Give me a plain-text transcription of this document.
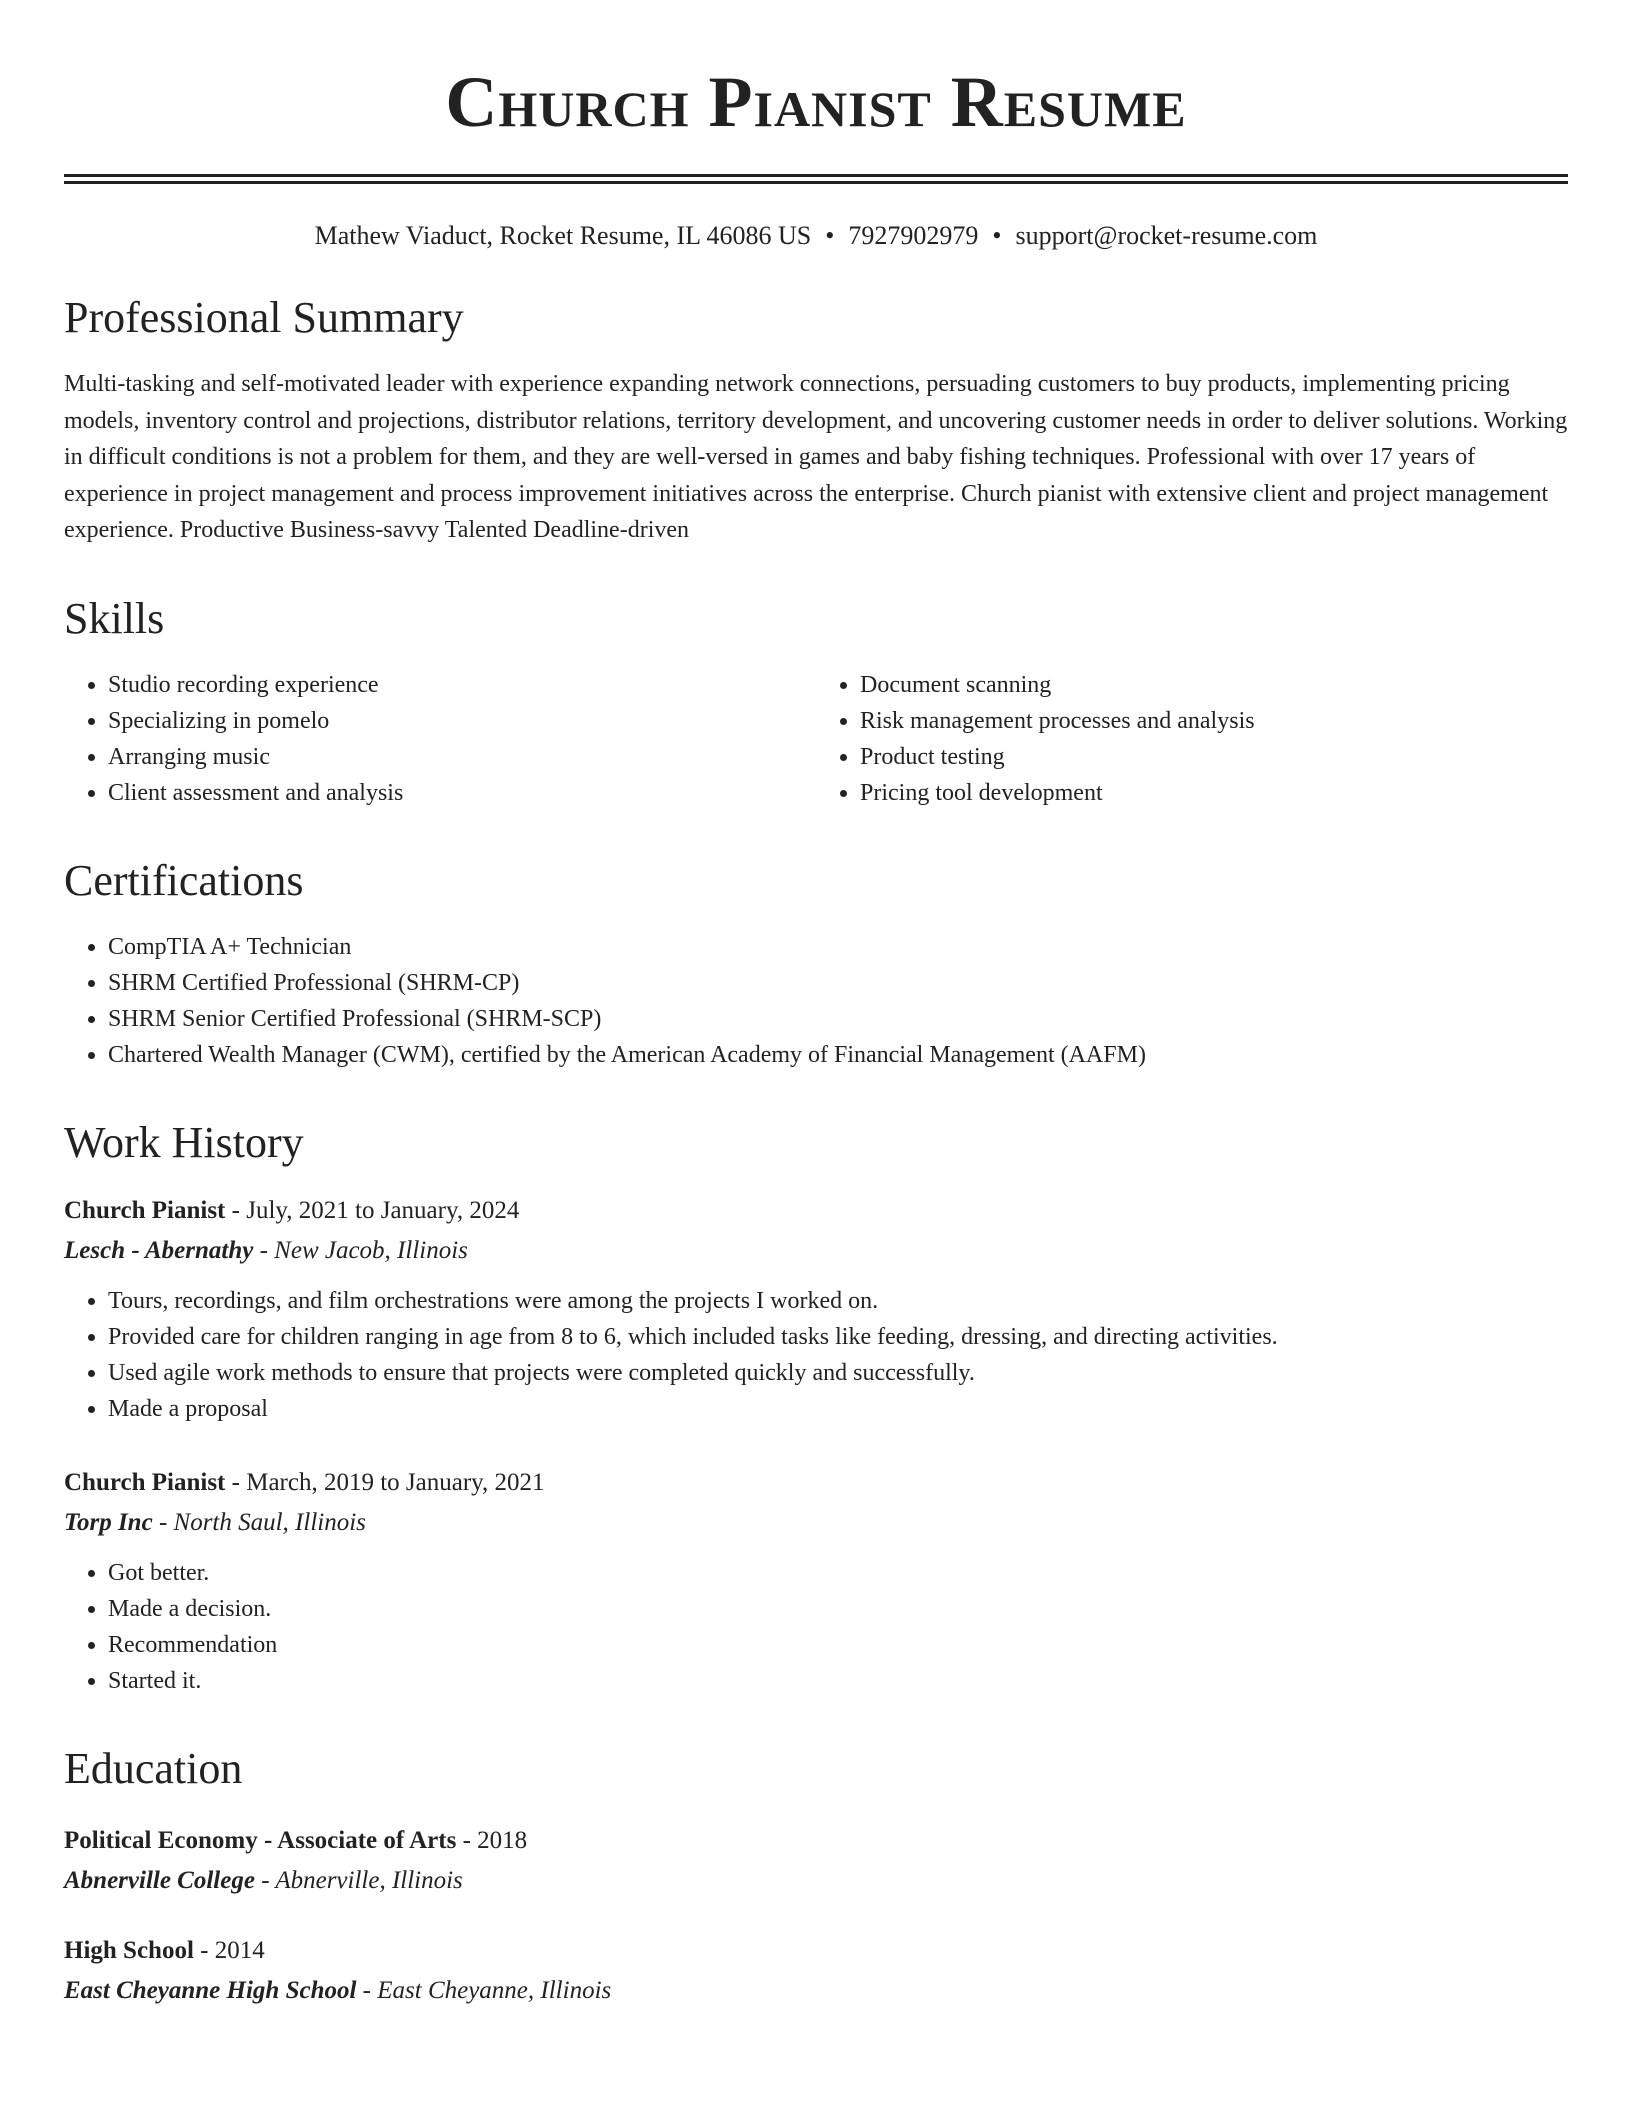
Church Pianist Resume
Mathew Viaduct, Rocket Resume, IL 46086 US • 7927902979 • support@rocket-resume.com
Professional Summary
Multi-tasking and self-motivated leader with experience expanding network connections, persuading customers to buy products, implementing pricing models, inventory control and projections, distributor relations, territory development, and uncovering customer needs in order to deliver solutions. Working in difficult conditions is not a problem for them, and they are well-versed in games and baby fishing techniques. Professional with over 17 years of experience in project management and process improvement initiatives across the enterprise. Church pianist with extensive client and project management experience. Productive Business-savvy Talented Deadline-driven
Skills
• Studio recording experience
• Specializing in pomelo
• Arranging music
• Client assessment and analysis
• Document scanning
• Risk management processes and analysis
• Product testing
• Pricing tool development
Certifications
• CompTIA A+ Technician
• SHRM Certified Professional (SHRM-CP)
• SHRM Senior Certified Professional (SHRM-SCP)
• Chartered Wealth Manager (CWM), certified by the American Academy of Financial Management (AAFM)
Work History
Church Pianist - July, 2021 to January, 2024
Lesch - Abernathy - New Jacob, Illinois
• Tours, recordings, and film orchestrations were among the projects I worked on.
• Provided care for children ranging in age from 8 to 6, which included tasks like feeding, dressing, and directing activities.
• Used agile work methods to ensure that projects were completed quickly and successfully.
• Made a proposal
Church Pianist - March, 2019 to January, 2021
Torp Inc - North Saul, Illinois
• Got better.
• Made a decision.
• Recommendation
• Started it.
Education
Political Economy - Associate of Arts - 2018
Abnerville College - Abnerville, Illinois
High School - 2014
East Cheyanne High School - East Cheyanne, Illinois
